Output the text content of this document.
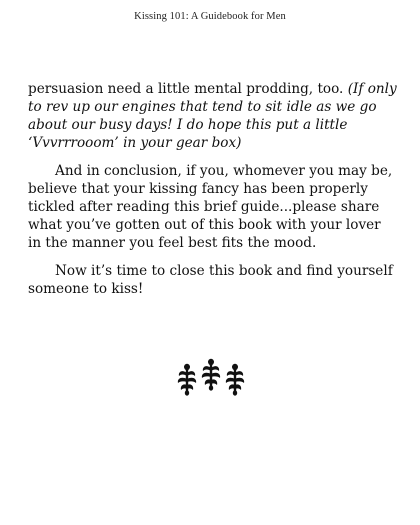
Kissing 101: A Guidebook for Men

persuasion need a little mental prodding, too. (If only to rev up our engines that tend to sit idle as we go about our busy days! I do hope this put a little ‘Vvvrrrooom’ in your gear box)

And in conclusion, if you, whomever you may be, believe that your kissing fancy has been properly tickled after reading this brief guide...please share what you’ve gotten out of this book with your lover in the manner you feel best fits the mood.

Now it’s time to close this book and find yourself someone to kiss!
